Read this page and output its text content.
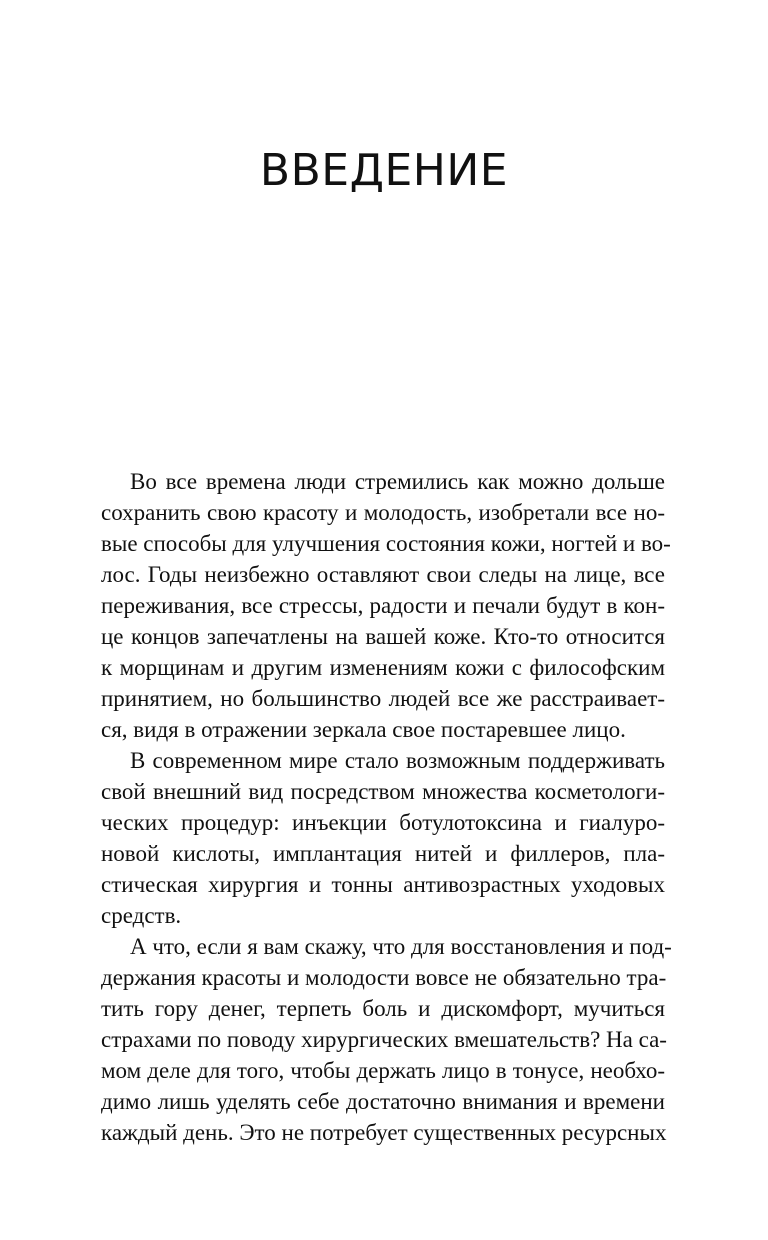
ВВЕДЕНИЕ
Во все времена люди стремились как можно дольше
сохранить свою красоту и молодость, изобретали все но-
вые способы для улучшения состояния кожи, ногтей и во-
лос. Годы неизбежно оставляют свои следы на лице, все
переживания, все стрессы, радости и печали будут в кон-
це концов запечатлены на вашей коже. Кто-то относится
к морщинам и другим изменениям кожи с философским
принятием, но большинство людей все же расстраивает-
ся, видя в отражении зеркала свое постаревшее лицо.
В современном мире стало возможным поддерживать
свой внешний вид посредством множества косметологи-
ческих процедур: инъекции ботулотоксина и гиалуро-
новой кислоты, имплантация нитей и филлеров, пла-
стическая хирургия и тонны антивозрастных уходовых
средств.
А что, если я вам скажу, что для восстановления и под-
держания красоты и молодости вовсе не обязательно тра-
тить гору денег, терпеть боль и дискомфорт, мучиться
страхами по поводу хирургических вмешательств? На са-
мом деле для того, чтобы держать лицо в тонусе, необхо-
димо лишь уделять себе достаточно внимания и времени
каждый день. Это не потребует существенных ресурсных
